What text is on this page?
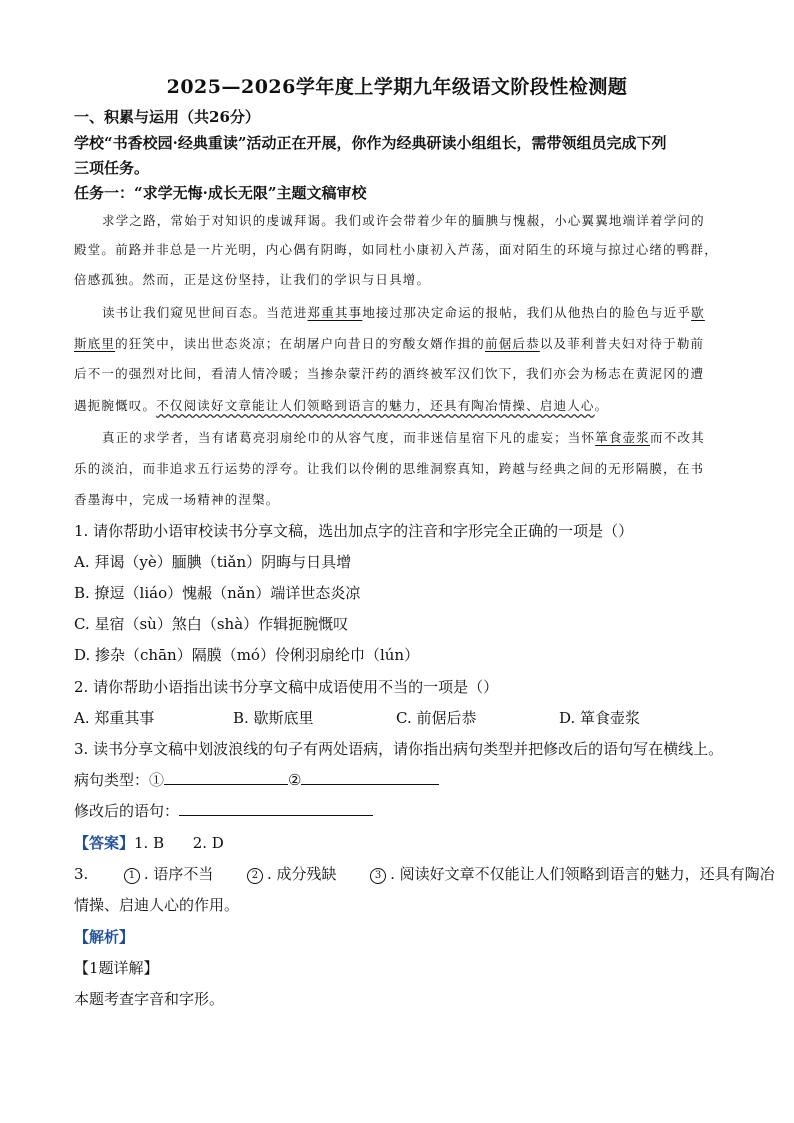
2025—2026学年度上学期九年级语文阶段性检测题
一、积累与运用（共26分）
学校“书香校园·经典重读”活动正在开展，你作为经典研读小组组长，需带领组员完成下列
三项任务。
任务一：“求学无悔·成长无限”主题文稿审校
求学之路，常始于对知识的虔诚拜谒。我们或许会带着少年的腼腆与愧赧，小心翼翼地端详着学问的
殿堂。前路并非总是一片光明，内心偶有阴晦，如同杜小康初入芦荡，面对陌生的环境与掠过心绪的鸭群，
倍感孤独。然而，正是这份坚持，让我们的学识与日具增。
读书让我们窥见世间百态。当范进郑重其事地接过那决定命运的报帖，我们从他热白的脸色与近乎歇
斯底里的狂笑中，读出世态炎凉；在胡屠户向昔日的穷酸女婿作揖的前倨后恭以及菲利普夫妇对待于勒前
后不一的强烈对比间，看清人情冷暖；当掺杂蒙汗药的酒终被军汉们饮下，我们亦会为杨志在黄泥冈的遭
遇扼腕慨叹。不仅阅读好文章能让人们领略到语言的魅力，还具有陶冶情操、启迪人心。
真正的求学者，当有诸葛亮羽扇纶巾的从容气度，而非迷信星宿下凡的虚妄；当怀箪食壶浆而不改其
乐的淡泊，而非追求五行运势的浮夸。让我们以伶俐的思维洞察真知，跨越与经典之间的无形隔膜，在书
香墨海中，完成一场精神的涅槃。
1. 请你帮助小语审校读书分享文稿，选出加点字的注音和字形完全正确的一项是（）
A. 拜谒（yè）腼腆（tiǎn）阴晦与日具增
B. 撩逗（liáo）愧赧（nǎn）端详世态炎凉
C. 星宿（sù）煞白（shà）作辑扼腕慨叹
D. 掺杂（chān）隔膜（mó）伶俐羽扇纶巾（lún）
2. 请你帮助小语指出读书分享文稿中成语使用不当的一项是（）
A. 郑重其事	B. 歇斯底里	C. 前倨后恭	D. 箪食壶浆
3. 读书分享文稿中划波浪线的句子有两处语病，请你指出病句类型并把修改后的语句写在横线上。
病句类型：①	②
修改后的语句：
【答案】1. B      2. D
3.	1 . 语序不当	2 . 成分残缺	3 . 阅读好文章不仅能让人们领略到语言的魅力，还具有陶冶
情操、启迪人心的作用。
【解析】
【1题详解】
本题考查字音和字形。
